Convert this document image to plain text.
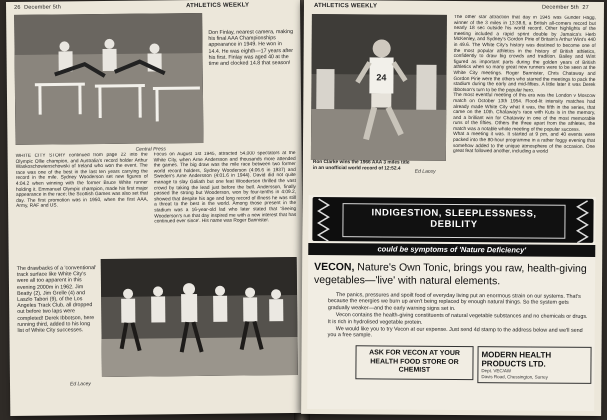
26 December 5th	ATHLETICS WEEKLY
Don Finlay, nearest camera, making his final AAA Championships appearance in 1949. He won in 14.4. He was eighth—17 years after his first. Finlay was aged 40 at the time and clocked 14.8 that season!
Central Press
WHITE CITY STORY continued from page 22 into the Olympic Ollie champion, and Australia's record holder Arthur Waskoschowienschowski of Ireland who won the event. The race was one of the best in the last ten years carrying the record in the mile. Sydney Wooderson set new figures of 4:04.2 when winning with the former Bruce White runner holding it. Emmanuel Olympic champion, made his first major appearance in the race; the Scottish Games was also set that day. The first promotion was in 1950, when the first AAA, Army, RAF and US.
Focus on August 1st 1945, attracted 54,000 spectators at the White City, when Arne Andersson and thousands more attended the games. The big draw was the mile race between two former world record holders, Sydney Wooderson (4:06.6 in 1937) and Sweden's Arne Andersson (4:01.6 in 1944). David did not quite manage to slay Goliath but one feat Wooderson thrilled the vast crowd by taking the lead just before the bell. Andersson, finally passed the strong but Wooderson, won by four-tenths in 4:09.2, showed that despite his age and long record of illness he was still a threat to the best in the world. Among those present in the stadium was a 16-year-old lad who later stated that 'Seeing Wooderson's run that day inspired me with a new interest that has continued ever since'. His name was Roger Bannister.
The drawbacks of a 'conventional' track surface like White City's were all too apparent in this evening 2000m in 1962. Jim Beatty (2), Jim Grelle (4) and Laszlo Tabori (9), of the Los Angeles Track Club, all dropped out before two laps were completed! Derek Ibbotson, here running third, added to his long list of White City successes.
Ed Lacey
ATHLETICS WEEKLY	December 5th 27
24
Ron Clarke wins the 1966 AAA 3 miles title in an unofficial world record of 12:52.4
Ed Lacey
The other star attraction that day in 1945 was Gunder Hagg, winner of the 3 miles in 13:38.6, a British all-comers record but nearly 18 sec outside his world record. Other highlights of the meeting included a rapid sprint double by Jamaica's Herb McKenley, and Sydney's Gordon Pirie of Britain's Arthur Wint's 440 in 49.6. The White City's history was destined to become one of the most popular athletics in the history of British athletics, confidently to draw big crowds and tradition. Bailey and Wint figured as important parts during the golden years of British athletics when so many great new runners were to be seen at the White City meetings. Roger Bannister, Chris Chataway and Gordon Pirie were the others who starred the meetings to pack the stadium during the early and mid-fifties. A little later it was Derek Ibbotson's turn to be the popular hero.
The most eventful meeting of this era was the London v Moscow match on October 13th 1954. Flood-lit intensity matches had already made White City what it was, the fifth in the series, that came on the 10th. Chataway's race with Kuts is in the memory, and a brilliant win for Chataway in one of the most memorable runs of the fifties. Others the three apart from the athletes, the match was a notable whole meeting of the popular success.
What a meeting it was. It started at 9 pm, and 40 events were packed into the 80-hour programme in a rather foggy evening that somehow added to the unique atmosphere of the occasion. One great feat followed another, including a world
INDIGESTION, SLEEPLESSNESS,
DEBILITY
could be symptoms of 'Nature Deficiency'
VECON, Nature's Own Tonic, brings you raw, health-giving vegetables—'live' with natural elements.

The panics, pressures and spoilt food of everyday living put an enormous strain on our systems. That's because the energies we burn up aren't being replaced by enough natural things. So the system gets gradually weaker—and the early warning signs set in.

Vecon contains the health-giving constituents of natural vegetable substances and no chemicals or drugs. It is rich in hydrolised vegetable protein.

We would like you to try Vecon at our expense. Just send 4d stamp to the address below and we'll send you a free sample.

ASK FOR VECON AT YOUR HEALTH FOOD STORE OR CHEMIST
MODERN HEALTH PRODUCTS LTD.
Dept. VEC/AW
Davis Road, Chessington, Surrey
